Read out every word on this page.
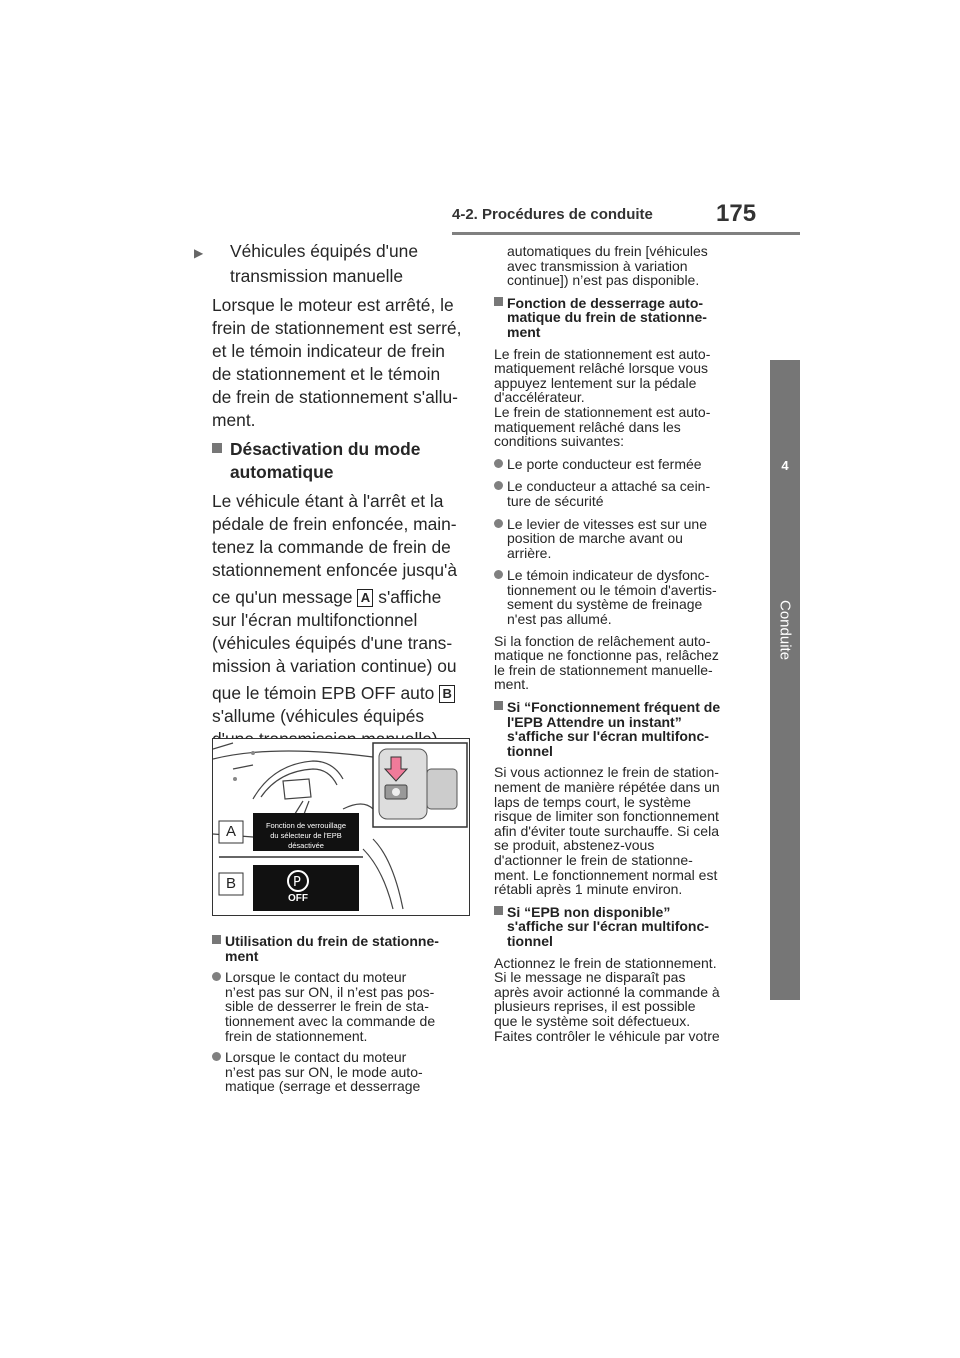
4-2. Procédures de conduite	175
4
Conduite

▶ Véhicules équipés d'une
transmission manuelle

Lorsque le moteur est arrêté, le
frein de stationnement est serré,
et le témoin indicateur de frein
de stationnement et le témoin
de frein de stationnement s'allu-
ment.

Désactivation du mode
automatique

Le véhicule étant à l'arrêt et la
pédale de frein enfoncée, main-
tenez la commande de frein de
stationnement enfoncée jusqu'à

ce qu'un message A s'affiche
sur l'écran multifonctionnel
(véhicules équipés d'une trans-
mission à variation continue) ou

que le témoin EPB OFF auto B
s'allume (véhicules équipés

P
A
B
Fonction de verrouillage
du sélecteur de l'EPB désactivée
OFF

Utilisation du frein de stationne-
ment

Lorsque le contact du moteur
n’est pas sur ON, il n’est pas pos-
sible de desserrer le frein de sta-
tionnement avec la commande de
frein de stationnement.

Lorsque le contact du moteur
n’est pas sur ON, le mode auto-
matique (serrage et desserrage

automatiques du frein [véhicules
avec transmission à variation
continue]) n’est pas disponible.

Fonction de desserrage auto-
matique du frein de stationne-
ment

Le frein de stationnement est auto-
matiquement relâché lorsque vous
appuyez lentement sur la pédale
d'accélérateur.
Le frein de stationnement est auto-
matiquement relâché dans les
conditions suivantes:

Le porte conducteur est fermée

Le conducteur a attaché sa cein-
ture de sécurité

Le levier de vitesses est sur une
position de marche avant ou
arrière.

Le témoin indicateur de dysfonc-
tionnement ou le témoin d'avertis-
sement du système de freinage
n'est pas allumé.

Si la fonction de relâchement auto-
matique ne fonctionne pas, relâchez
le frein de stationnement manuelle-
ment.

Si “Fonctionnement fréquent de
l'EPB Attendre un instant”
s'affiche sur l'écran multifonc-
tionnel

Si vous actionnez le frein de station-
nement de manière répétée dans un
laps de temps court, le système
risque de limiter son fonctionnement
afin d'éviter toute surchauffe. Si cela
se produit, abstenez-vous
d'actionner le frein de stationne-
ment. Le fonctionnement normal est
rétabli après 1 minute environ.

Si “EPB non disponible”
s'affiche sur l'écran multifonc-
tionnel

Actionnez le frein de stationnement.
Si le message ne disparaît pas
après avoir actionné la commande à
plusieurs reprises, il est possible
que le système soit défectueux.
Faites contrôler le véhicule par votre
